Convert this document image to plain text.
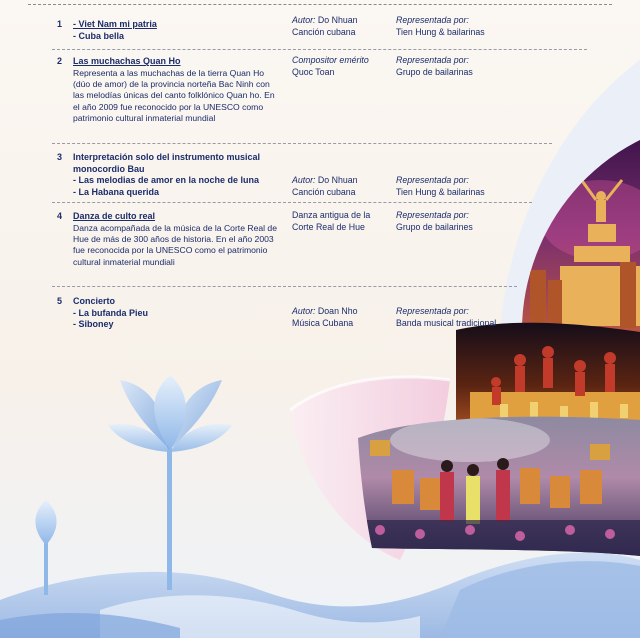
1 - Viet Nam mi patria
- Cuba bella
Autor: Do Nhuan
Canción cubana
Representada por:
Tien Hung & bailarinas
2 Las muchachas Quan Ho
Representa a las muchachas de la tierra Quan Ho (dúo de amor) de la provincia norteña Bac Ninh con las melodías únicas del canto folklónico Quan ho. En el año 2009 fue reconocido por la UNESCO como patrimonio cultural inmaterial mundial
Compositor emérito
Quoc Toan
Representada por:
Grupo de bailarinas
3 Interpretación solo del instrumento musical monocordio Bau
- Las melodias de amor en la noche de luna
- La Habana querida
Autor: Do Nhuan
Canción cubana
Representada por:
Tien Hung & bailarinas
4 Danza de culto real
Danza acompañada de la música de la Corte Real de Hue de más de 300 años de historia. En el año 2003 fue reconocida por la UNESCO como el patrimonio cultural inmaterial mundiali
Danza antigua de la
Corte Real de Hue
Representada por:
Grupo de bailarines
5 Concierto
- La bufanda Pieu
- Siboney
Autor: Doan Nho
Música Cubana
Representada por:
Banda musical tradicional
